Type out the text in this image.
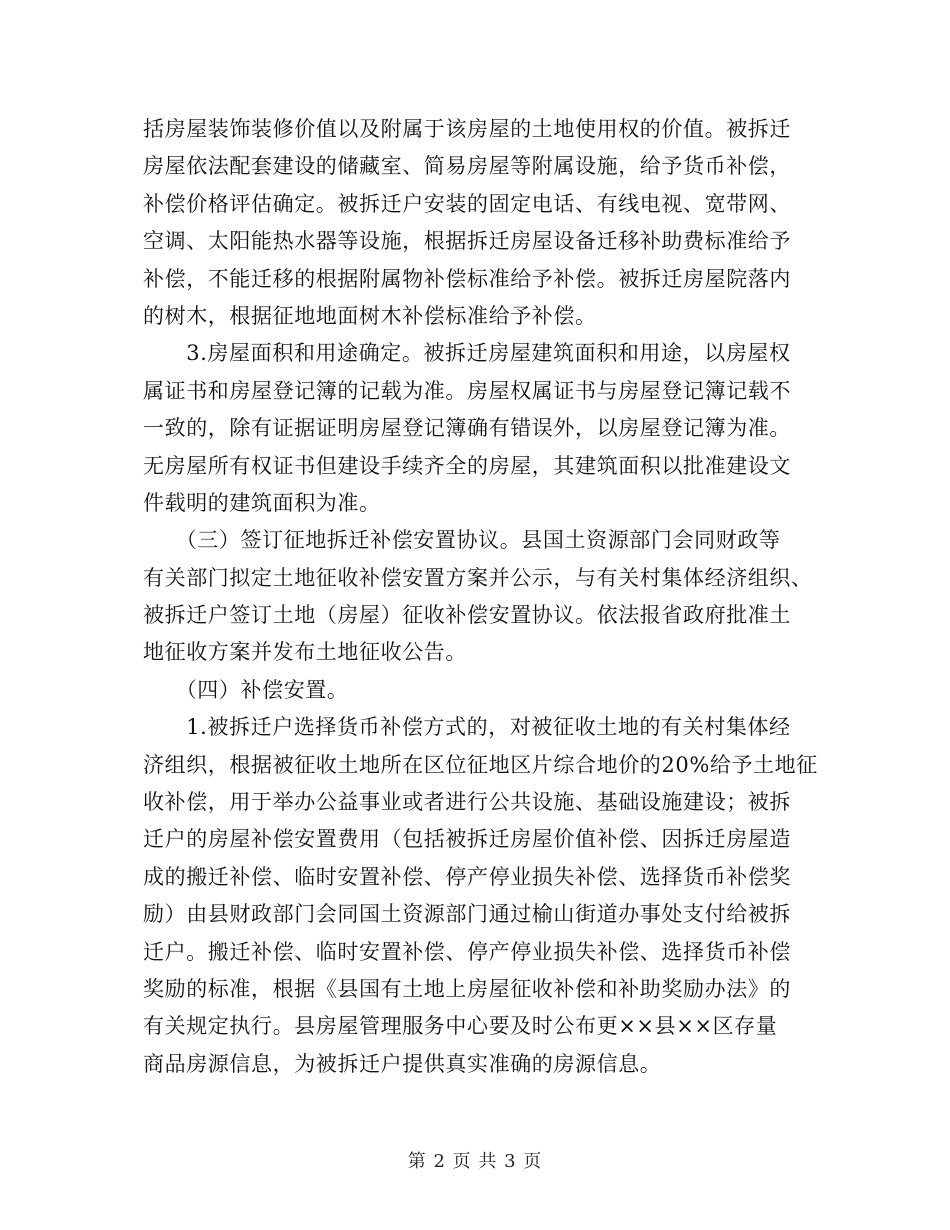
括房屋装饰装修价值以及附属于该房屋的土地使用权的价值。被拆迁
房屋依法配套建设的储藏室、简易房屋等附属设施，给予货币补偿，
补偿价格评估确定。被拆迁户安装的固定电话、有线电视、宽带网、
空调、太阳能热水器等设施，根据拆迁房屋设备迁移补助费标准给予
补偿，不能迁移的根据附属物补偿标准给予补偿。被拆迁房屋院落内
的树木，根据征地地面树木补偿标准给予补偿。
　　3.房屋面积和用途确定。被拆迁房屋建筑面积和用途，以房屋权
属证书和房屋登记簿的记载为准。房屋权属证书与房屋登记簿记载不
一致的，除有证据证明房屋登记簿确有错误外，以房屋登记簿为准。
无房屋所有权证书但建设手续齐全的房屋，其建筑面积以批准建设文
件载明的建筑面积为准。
　　（三）签订征地拆迁补偿安置协议。县国土资源部门会同财政等
有关部门拟定土地征收补偿安置方案并公示，与有关村集体经济组织、
被拆迁户签订土地（房屋）征收补偿安置协议。依法报省政府批准土
地征收方案并发布土地征收公告。
　　（四）补偿安置。
　　1.被拆迁户选择货币补偿方式的，对被征收土地的有关村集体经
济组织，根据被征收土地所在区位征地区片综合地价的20%给予土地征
收补偿，用于举办公益事业或者进行公共设施、基础设施建设；被拆
迁户的房屋补偿安置费用（包括被拆迁房屋价值补偿、因拆迁房屋造
成的搬迁补偿、临时安置补偿、停产停业损失补偿、选择货币补偿奖
励）由县财政部门会同国土资源部门通过榆山街道办事处支付给被拆
迁户。搬迁补偿、临时安置补偿、停产停业损失补偿、选择货币补偿
奖励的标准，根据《县国有土地上房屋征收补偿和补助奖励办法》的
有关规定执行。县房屋管理服务中心要及时公布更××县××区存量
商品房源信息，为被拆迁户提供真实准确的房源信息。
第 2 页 共 3 页
